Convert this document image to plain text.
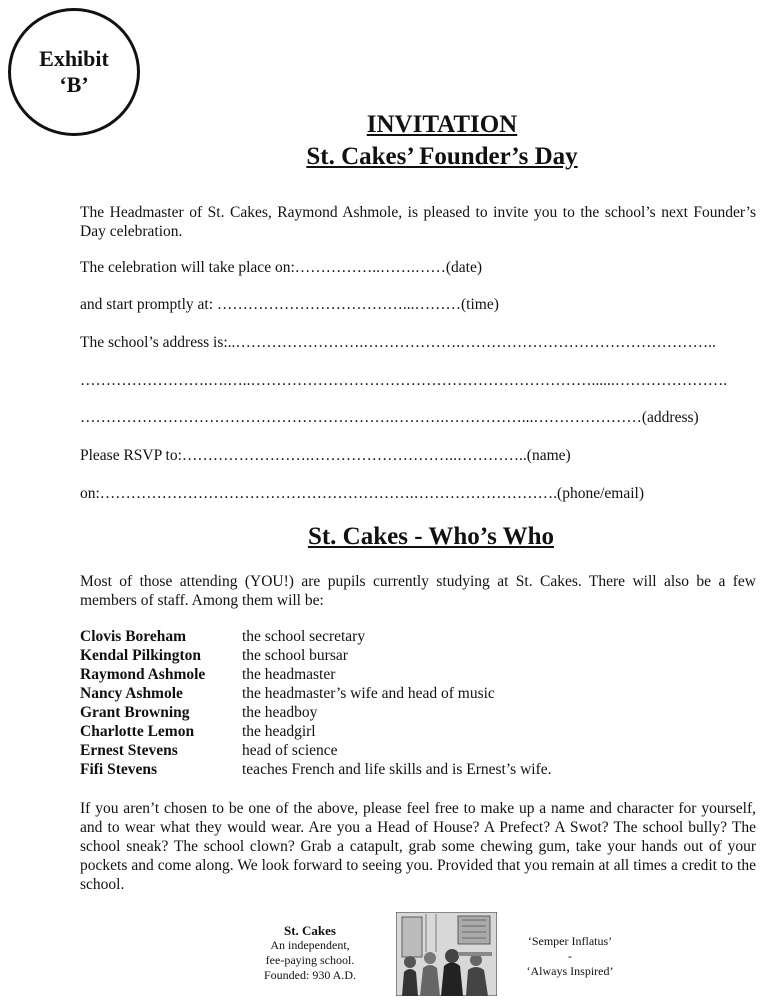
Exhibit
‘B’
INVITATION
St. Cakes’ Founder’s Day
The Headmaster of St. Cakes, Raymond Ashmole, is pleased to invite you to the school’s next Founder’s Day celebration.
The celebration will take place on:……………..…….……(date)
and start promptly at: ………………………………...………(time)
The school’s address is:..…………………….……………….…………………………………………..
…………………….….…..…………………………………………………………......………………….
…………………………………………………….……….……………...…………………(address)
Please RSVP to:…………………….………………………..…………..(name)
on:…………………………………………………….……………………….(phone/email)
St. Cakes - Who’s Who
Most of those attending (YOU!) are pupils currently studying at St. Cakes. There will also be a few members of staff. Among them will be:
Clovis Boreham	the school secretary
Kendal Pilkington	the school bursar
Raymond Ashmole	the headmaster
Nancy Ashmole	the headmaster’s wife and head of music
Grant Browning	the headboy
Charlotte Lemon	the headgirl
Ernest Stevens	head of science
Fifi Stevens	teaches French and life skills and is Ernest’s wife.
If you aren’t chosen to be one of the above, please feel free to make up a name and character for yourself, and to wear what they would wear. Are you a Head of House? A Prefect? A Swot? The school bully? The school sneak? The school clown? Grab a catapult, grab some chewing gum, take your hands out of your pockets and come along. We look forward to seeing you. Provided that you remain at all times a credit to the school.
St. Cakes
An independent,
fee-paying school.
Founded: 930 A.D.
‘Semper Inflatus’
-
‘Always Inspired’
